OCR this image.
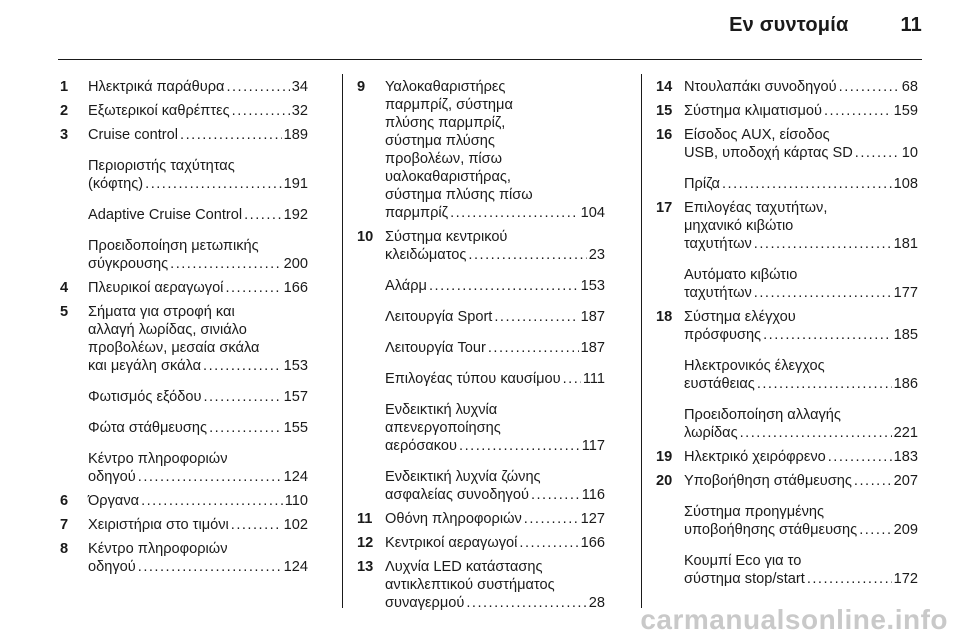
Εν συντομία	11
1	Ηλεκτρικά παράθυρα .....	34
2	Εξωτερικοί καθρέπτες .....	32
3	Cruise control .....	189
Περιοριστής ταχύτητας
(κόφτης) .....	191
Adaptive Cruise Control .....	192
Προειδοποίηση μετωπικής
σύγκρουσης .....	200
4	Πλευρικοί αεραγωγοί .....	166
5	Σήματα για στροφή και
αλλαγή λωρίδας, σινιάλο
προβολέων, μεσαία σκάλα
και μεγάλη σκάλα .....	153
Φωτισμός εξόδου .....	157
Φώτα στάθμευσης .....	155
Κέντρο πληροφοριών
οδηγού .....	124
6	Όργανα .....	110
7	Χειριστήρια στο τιμόνι .....	102
8	Κέντρο πληροφοριών
οδηγού .....	124
9	Υαλοκαθαριστήρες
παρμπρίζ, σύστημα
πλύσης παρμπρίζ,
σύστημα πλύσης
προβολέων, πίσω
υαλοκαθαριστήρας,
σύστημα πλύσης πίσω
παρμπρίζ .....	104
10 Σύστημα κεντρικού
κλειδώματος .....	23
Αλάρμ .....	153
Λειτουργία Sport .....	187
Λειτουργία Tour .....	187
Επιλογέας τύπου καυσίμου ..... 111
Ενδεικτική λυχνία
απενεργοποίησης
αερόσακου .....	117
Ενδεικτική λυχνία ζώνης
ασφαλείας συνοδηγού .....	116
11 Οθόνη πληροφοριών .....	127
12 Κεντρικοί αεραγωγοί .....	166
13 Λυχνία LED κατάστασης
αντικλεπτικού συστήματος
συναγερμού .....	28
14 Ντουλαπάκι συνοδηγού .....	68
15 Σύστημα κλιματισμού .....	159
16 Είσοδος AUX, είσοδος
USB, υποδοχή κάρτας SD .....	10
Πρίζα .....	108
17 Επιλογέας ταχυτήτων,
μηχανικό κιβώτιο
ταχυτήτων .....	181
Αυτόματο κιβώτιο
ταχυτήτων .....	177
18 Σύστημα ελέγχου
πρόσφυσης .....	185
Ηλεκτρονικός έλεγχος
ευστάθειας .....	186
Προειδοποίηση αλλαγής
λωρίδας .....	221
19 Ηλεκτρικό χειρόφρενο .....	183
20 Υποβοήθηση στάθμευσης .....	207
Σύστημα προηγμένης
υποβοήθησης στάθμευσης ..... 209
Κουμπί Eco για το
σύστημα stop/start .....	172
carmanualsonline.info
